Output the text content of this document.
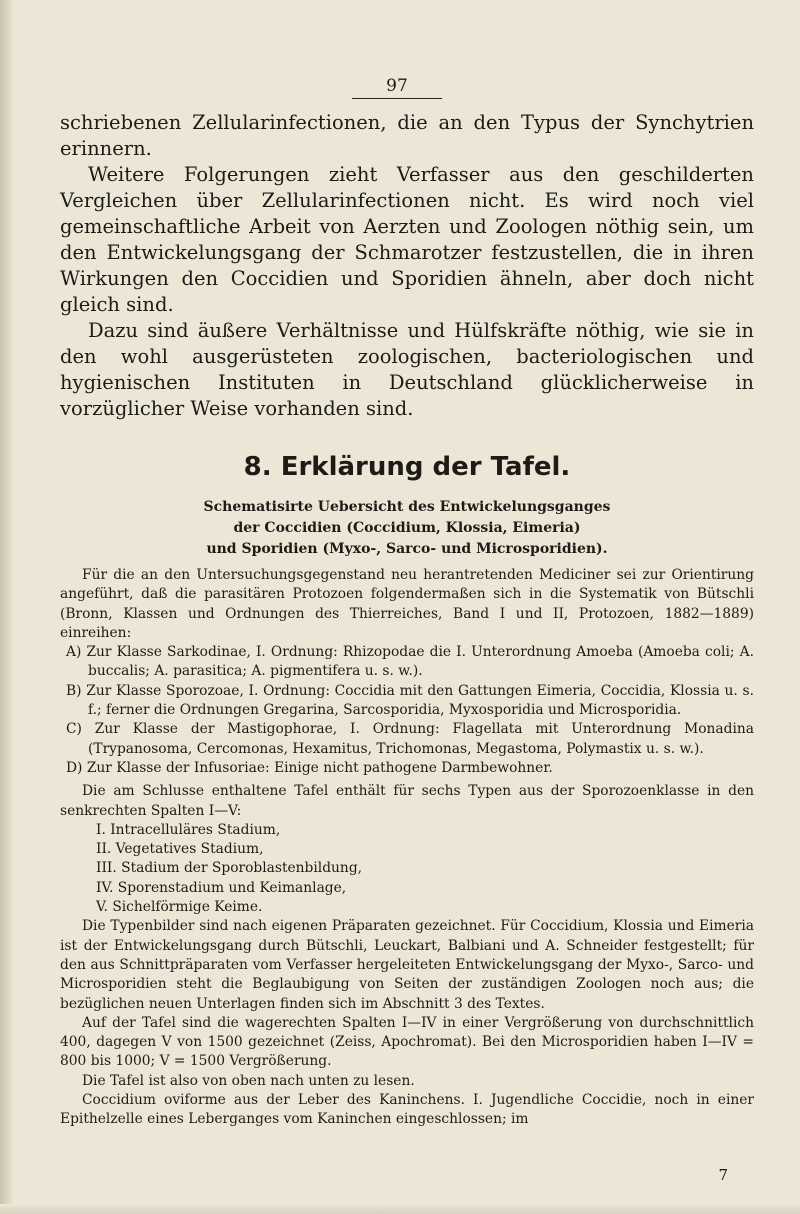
97

schriebenen Zellularinfectionen, die an den Typus der Synchytrien erinnern.

Weitere Folgerungen zieht Verfasser aus den geschilderten Vergleichen über Zellularinfectionen nicht. Es wird noch viel gemeinschaftliche Arbeit von Aerzten und Zoologen nöthig sein, um den Entwickelungsgang der Schmarotzer festzustellen, die in ihren Wirkungen den Coccidien und Sporidien ähneln, aber doch nicht gleich sind.

Dazu sind äußere Verhältnisse und Hülfskräfte nöthig, wie sie in den wohl ausgerüsteten zoologischen, bacteriologischen und hygienischen Instituten in Deutschland glücklicherweise in vorzüglicher Weise vorhanden sind.

8. Erklärung der Tafel.

Schematisirte Uebersicht des Entwickelungsganges

der Coccidien (Coccidium, Klossia, Eimeria)

und Sporidien (Myxo-, Sarco- und Microsporidien).

Für die an den Untersuchungsgegenstand neu herantretenden Mediciner sei zur Orientirung angeführt, daß die parasitären Protozoen folgendermaßen sich in die Systematik von Bütschli (Bronn, Klassen und Ordnungen des Thierreiches, Band I und II, Protozoen, 1882—1889) einreihen:

A) Zur Klasse Sarkodinae, I. Ordnung: Rhizopodae die I. Unterordnung Amoeba (Amoeba coli; A. buccalis; A. parasitica; A. pigmentifera u. s. w.).

B) Zur Klasse Sporozoae, I. Ordnung: Coccidia mit den Gattungen Eimeria, Coccidia, Klossia u. s. f.; ferner die Ordnungen Gregarina, Sarcosporidia, Myxosporidia und Microsporidia.

C) Zur Klasse der Mastigophorae, I. Ordnung: Flagellata mit Unterordnung Monadina (Trypanosoma, Cercomonas, Hexamitus, Trichomonas, Megastoma, Polymastix u. s. w.).

D) Zur Klasse der Infusoriae: Einige nicht pathogene Darmbewohner.

Die am Schlusse enthaltene Tafel enthält für sechs Typen aus der Sporozoenklasse in den senkrechten Spalten I—V:

I. Intracelluläres Stadium,

II. Vegetatives Stadium,

III. Stadium der Sporoblastenbildung,

IV. Sporenstadium und Keimanlage,

V. Sichelförmige Keime.

Die Typenbilder sind nach eigenen Präparaten gezeichnet. Für Coccidium, Klossia und Eimeria ist der Entwickelungsgang durch Bütschli, Leuckart, Balbiani und A. Schneider festgestellt; für den aus Schnittpräparaten vom Verfasser hergeleiteten Entwickelungsgang der Myxo-, Sarco- und Microsporidien steht die Beglaubigung von Seiten der zuständigen Zoologen noch aus; die bezüglichen neuen Unterlagen finden sich im Abschnitt 3 des Textes.

Auf der Tafel sind die wagerechten Spalten I—IV in einer Vergrößerung von durchschnittlich 400, dagegen V von 1500 gezeichnet (Zeiss, Apochromat). Bei den Microsporidien haben I—IV = 800 bis 1000; V = 1500 Vergrößerung.

Die Tafel ist also von oben nach unten zu lesen.

Coccidium oviforme aus der Leber des Kaninchens. I. Jugendliche Coccidie, noch in einer Epithelzelle eines Leberganges vom Kaninchen eingeschlossen; im

7
